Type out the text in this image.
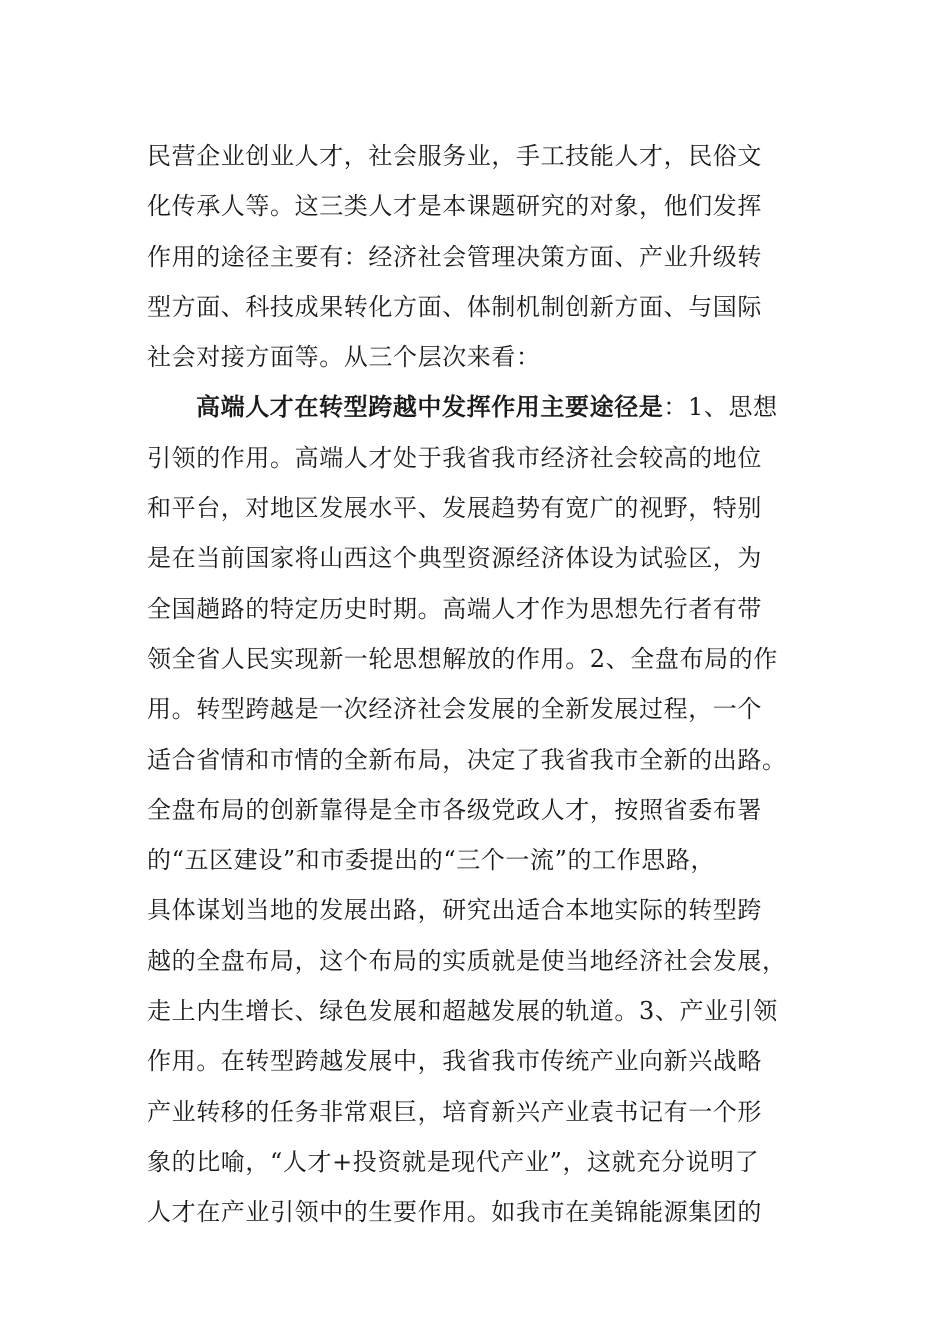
民营企业创业人才，社会服务业，手工技能人才，民俗文
化传承人等。这三类人才是本课题研究的对象，他们发挥
作用的途径主要有：经济社会管理决策方面、产业升级转
型方面、科技成果转化方面、体制机制创新方面、与国际
社会对接方面等。从三个层次来看：
高端人才在转型跨越中发挥作用主要途径是：1、思想
引领的作用。高端人才处于我省我市经济社会较高的地位
和平台，对地区发展水平、发展趋势有宽广的视野，特别
是在当前国家将山西这个典型资源经济体设为试验区，为
全国趟路的特定历史时期。高端人才作为思想先行者有带
领全省人民实现新一轮思想解放的作用。2、全盘布局的作
用。转型跨越是一次经济社会发展的全新发展过程，一个
适合省情和市情的全新布局，决定了我省我市全新的出路。
全盘布局的创新靠得是全市各级党政人才，按照省委布署
的“五区建设”和市委提出的“三个一流”的工作思路，
具体谋划当地的发展出路，研究出适合本地实际的转型跨
越的全盘布局，这个布局的实质就是使当地经济社会发展，
走上内生增长、绿色发展和超越发展的轨道。3、产业引领
作用。在转型跨越发展中，我省我市传统产业向新兴战略
产业转移的任务非常艰巨，培育新兴产业袁书记有一个形
象的比喻，“人才+投资就是现代产业”，这就充分说明了
人才在产业引领中的生要作用。如我市在美锦能源集团的
